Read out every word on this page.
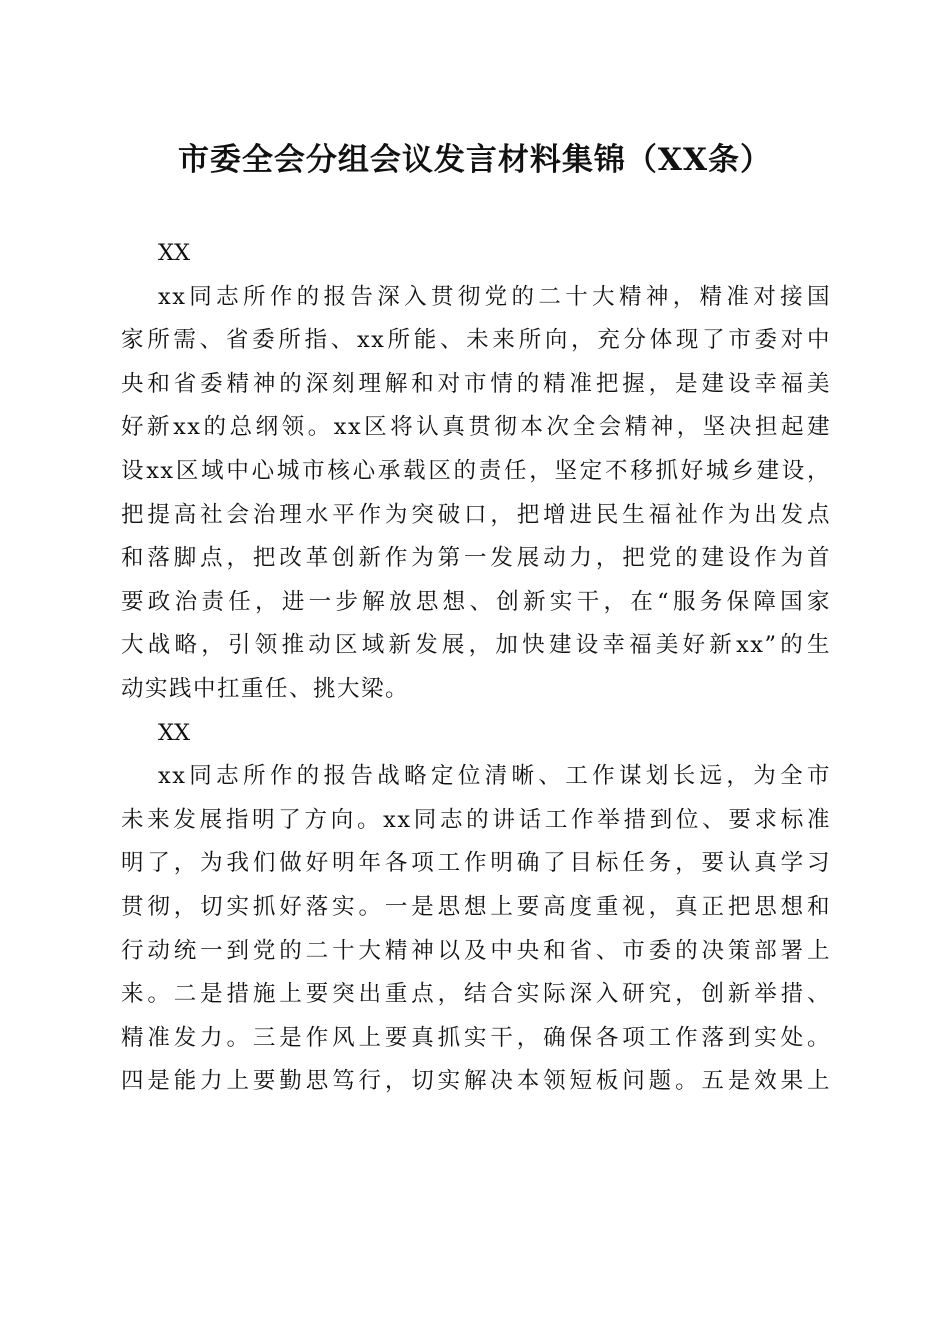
市委全会分组会议发言材料集锦（XX条）

XX

xx同志所作的报告深入贯彻党的二十大精神，精准对接国
家所需、省委所指、xx所能、未来所向，充分体现了市委对中
央和省委精神的深刻理解和对市情的精准把握，是建设幸福美
好新xx的总纲领。xx区将认真贯彻本次全会精神，坚决担起建
设xx区域中心城市核心承载区的责任，坚定不移抓好城乡建设，
把提高社会治理水平作为突破口，把增进民生福祉作为出发点
和落脚点，把改革创新作为第一发展动力，把党的建设作为首
要政治责任，进一步解放思想、创新实干，在“服务保障国家
大战略，引领推动区域新发展，加快建设幸福美好新xx”的生
动实践中扛重任、挑大梁。

XX

xx同志所作的报告战略定位清晰、工作谋划长远，为全市
未来发展指明了方向。xx同志的讲话工作举措到位、要求标准
明了，为我们做好明年各项工作明确了目标任务，要认真学习
贯彻，切实抓好落实。一是思想上要高度重视，真正把思想和
行动统一到党的二十大精神以及中央和省、市委的决策部署上
来。二是措施上要突出重点，结合实际深入研究，创新举措、
精准发力。三是作风上要真抓实干，确保各项工作落到实处。
四是能力上要勤思笃行，切实解决本领短板问题。五是效果上
